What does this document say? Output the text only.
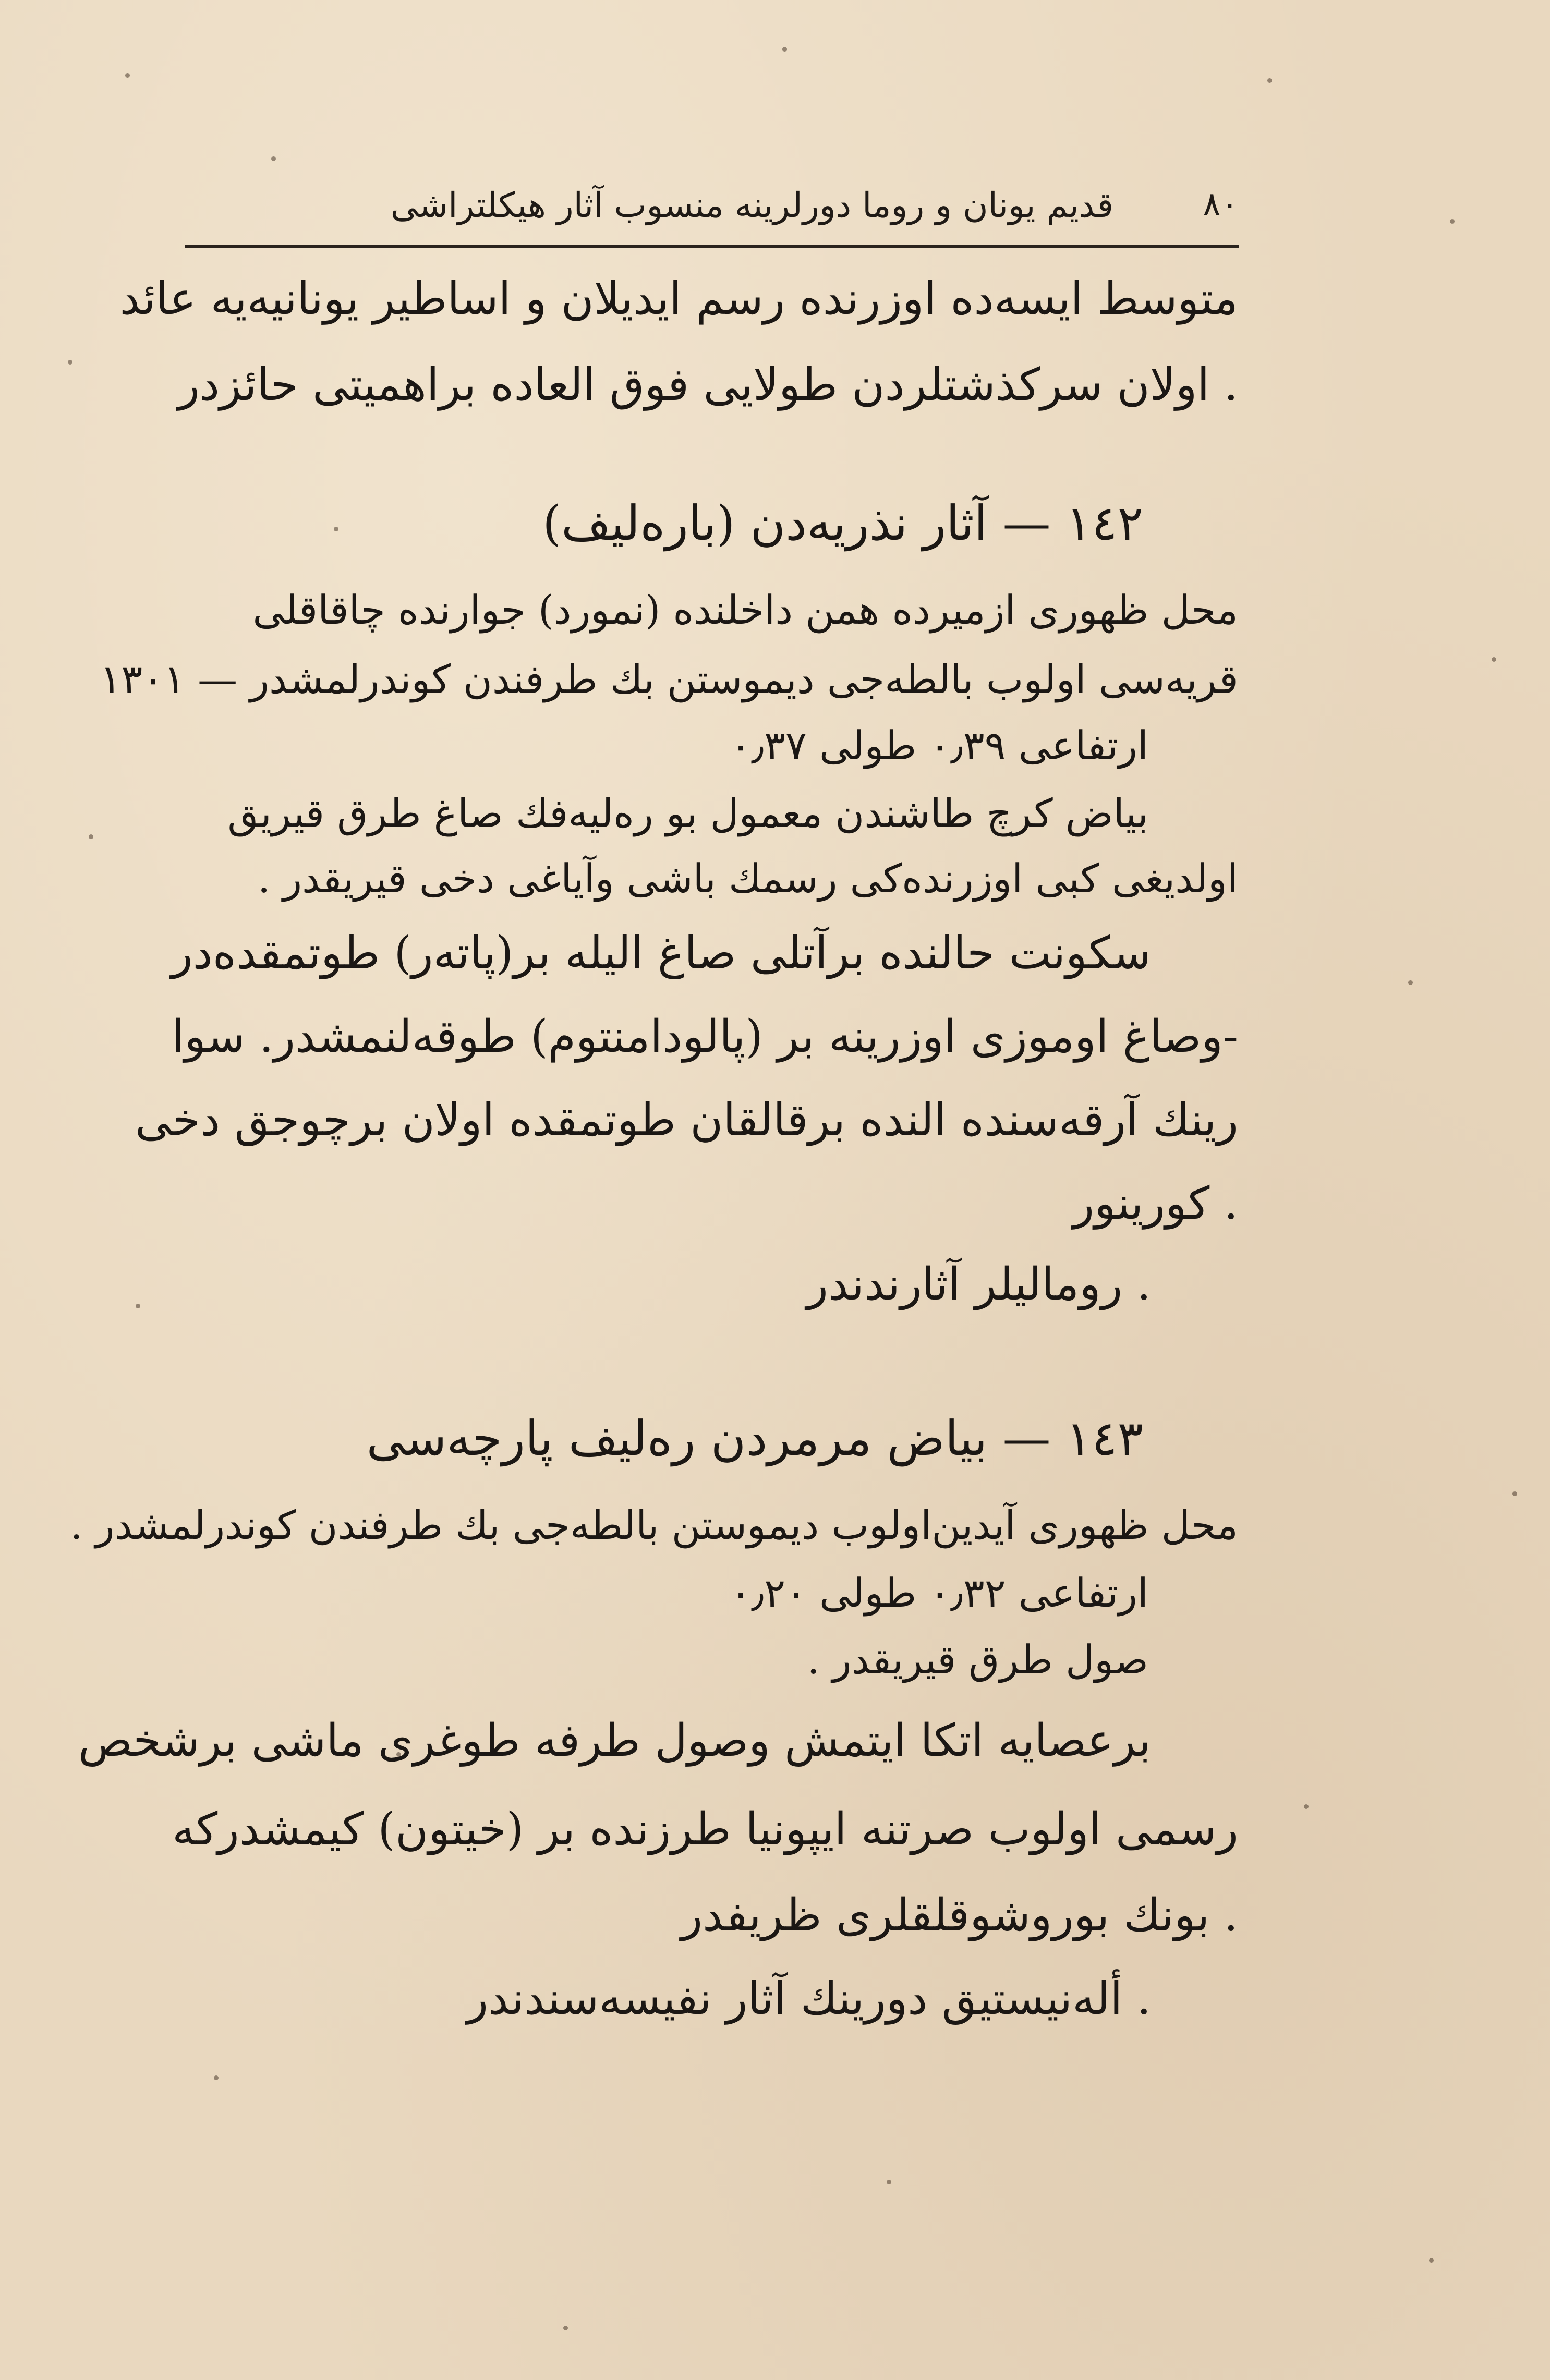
٨٠
قدیم یونان و روما دورلرینه منسوب آثار هیکلتراشی
متوسط ایسه‌ده اوزرنده رسم ایدیلان و اساطیر یونانیه‌یه عائد
اولان سرکذشتلردن طولایی فوق العاده براهمیتی حائزدر .
۱٤۲ — آثار نذریه‌دن (بارەلیف)
محل ظهوری ازمیرده همن داخلنده (نمورد) جوارنده چاقاقلی
قریه‌سی اولوب بالطه‌جی دیموستن بك طرفندن کوندرلمشدر — ۱۳۰۱
ارتفاعی ۰٫۳۹ طولی ۰٫۳۷
بیاض کرچ طاشندن معمول بو ره‌لیه‌فك صاغ طرق قیریق
اولدیغی کبی اوزرنده‌کی رسمك باشی وآیاغی دخی قیریقدر .
سکونت حالنده برآتلی صاغ الیله بر(پاته‌ر) طوتمقده‌در
وصاغ اوموزی اوزرینه بر (پالودامنتوم) طوقه‌لنمشدر. سوا-
رینك آرقه‌سنده الندە برقالقان طوتمقده اولان برچوجق دخی
کورینور .
روماليلر آثارندندر .
۱٤۳ — بیاض مرمردن ره‌لیف پارچه‌سی
محل ظهوری آیدین‌اولوب دیموستن بالطه‌جی بك طرفندن کوندرلمشدر .
ارتفاعی ۰٫۳۲ طولی ۰٫۲۰
صول طرق قیریقدر .
برعصایه اتکا ایتمش وصول طرفه طوغری ماشی برشخص
رسمی اولوب صرتنه ایپونیا طرزنده بر (خیتون) کیمشدرکه
بونك بوروشوقلقلری ظریفدر .
أله‌نیستیق دورینك آثار نفیسه‌سندندر .
